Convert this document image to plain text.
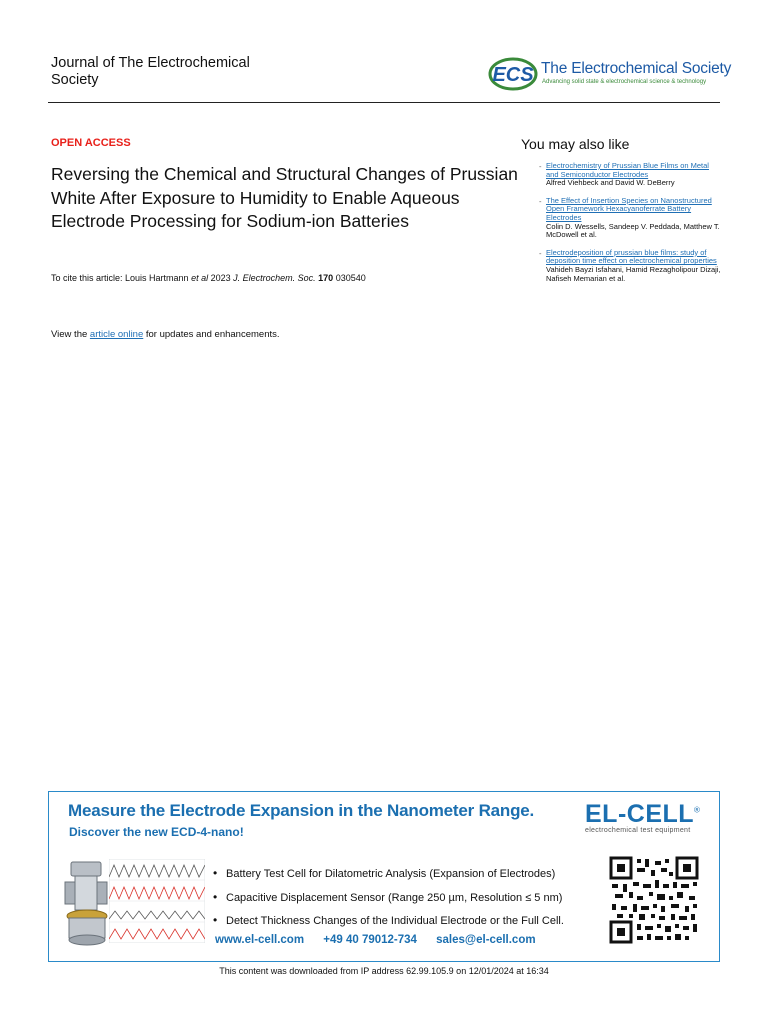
Journal of The Electrochemical
Society	ECS The Electrochemical Society
Advancing solid state & electrochemical science & technology
OPEN ACCESS
Reversing the Chemical and Structural Changes of Prussian White After Exposure to Humidity to Enable Aqueous Electrode Processing for Sodium-ion Batteries
To cite this article: Louis Hartmann et al 2023 J. Electrochem. Soc. 170 030540
View the article online for updates and enhancements.
You may also like
- Electrochemistry of Prussian Blue Films on Metal and Semiconductor Electrodes
Alfred Viehbeck and David W. DeBerry
- The Effect of Insertion Species on Nanostructured Open Framework Hexacyanoferrate Battery Electrodes
Colin D. Wessells, Sandeep V. Peddada, Matthew T. McDowell et al.
- Electrodeposition of prussian blue films: study of deposition time effect on electrochemical properties
Vahideh Bayzi Isfahani, Hamid Rezagholipour Dizaji, Nafiseh Memarian et al.
Measure the Electrode Expansion in the Nanometer Range.
Discover the new ECD-4-nano!
EL-CELL®
electrochemical test equipment
• Battery Test Cell for Dilatometric Analysis (Expansion of Electrodes)
• Capacitive Displacement Sensor (Range 250 µm, Resolution ≤ 5 nm)
• Detect Thickness Changes of the Individual Electrode or the Full Cell.
www.el-cell.com +49 40 79012-734 sales@el-cell.com
This content was downloaded from IP address 62.99.105.9 on 12/01/2024 at 16:34
